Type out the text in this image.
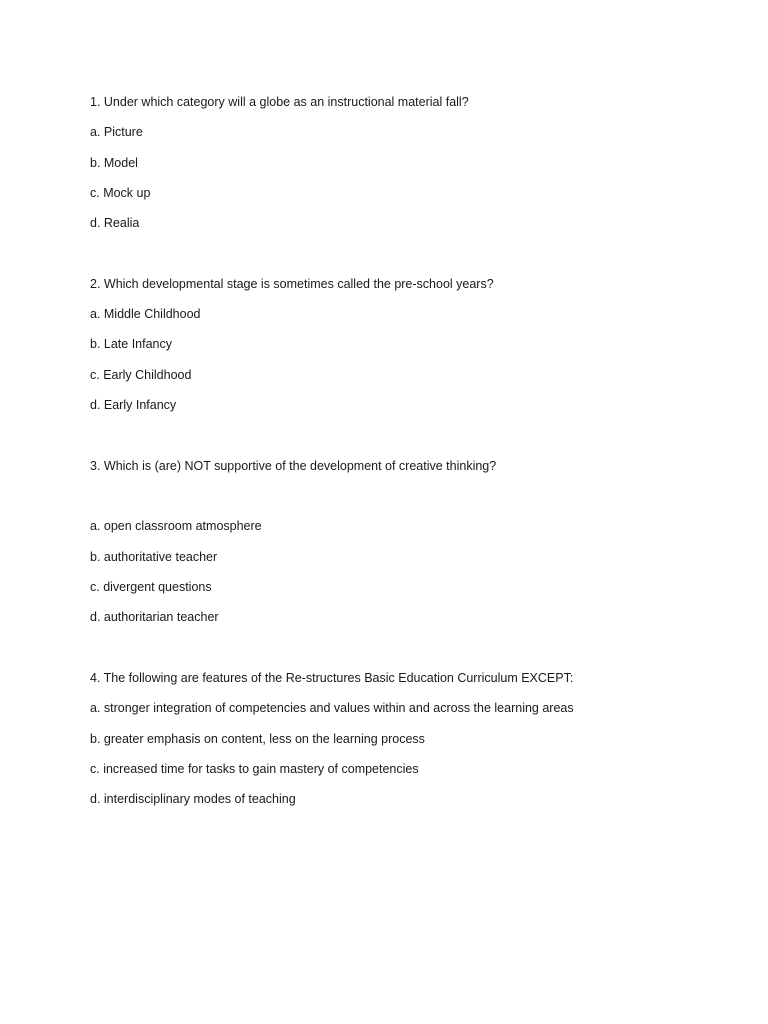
1. Under which category will a globe as an instructional material fall?
a. Picture
b. Model
c. Mock up
d. Realia
2. Which developmental stage is sometimes called the pre-school years?
a. Middle Childhood
b. Late Infancy
c. Early Childhood
d. Early Infancy
3. Which is (are) NOT supportive of the development of creative thinking?
a. open classroom atmosphere
b. authoritative teacher
c. divergent questions
d. authoritarian teacher
4. The following are features of the Re-structures Basic Education Curriculum EXCEPT:
a. stronger integration of competencies and values within and across the learning areas
b. greater emphasis on content, less on the learning process
c. increased time for tasks to gain mastery of competencies
d. interdisciplinary modes of teaching
